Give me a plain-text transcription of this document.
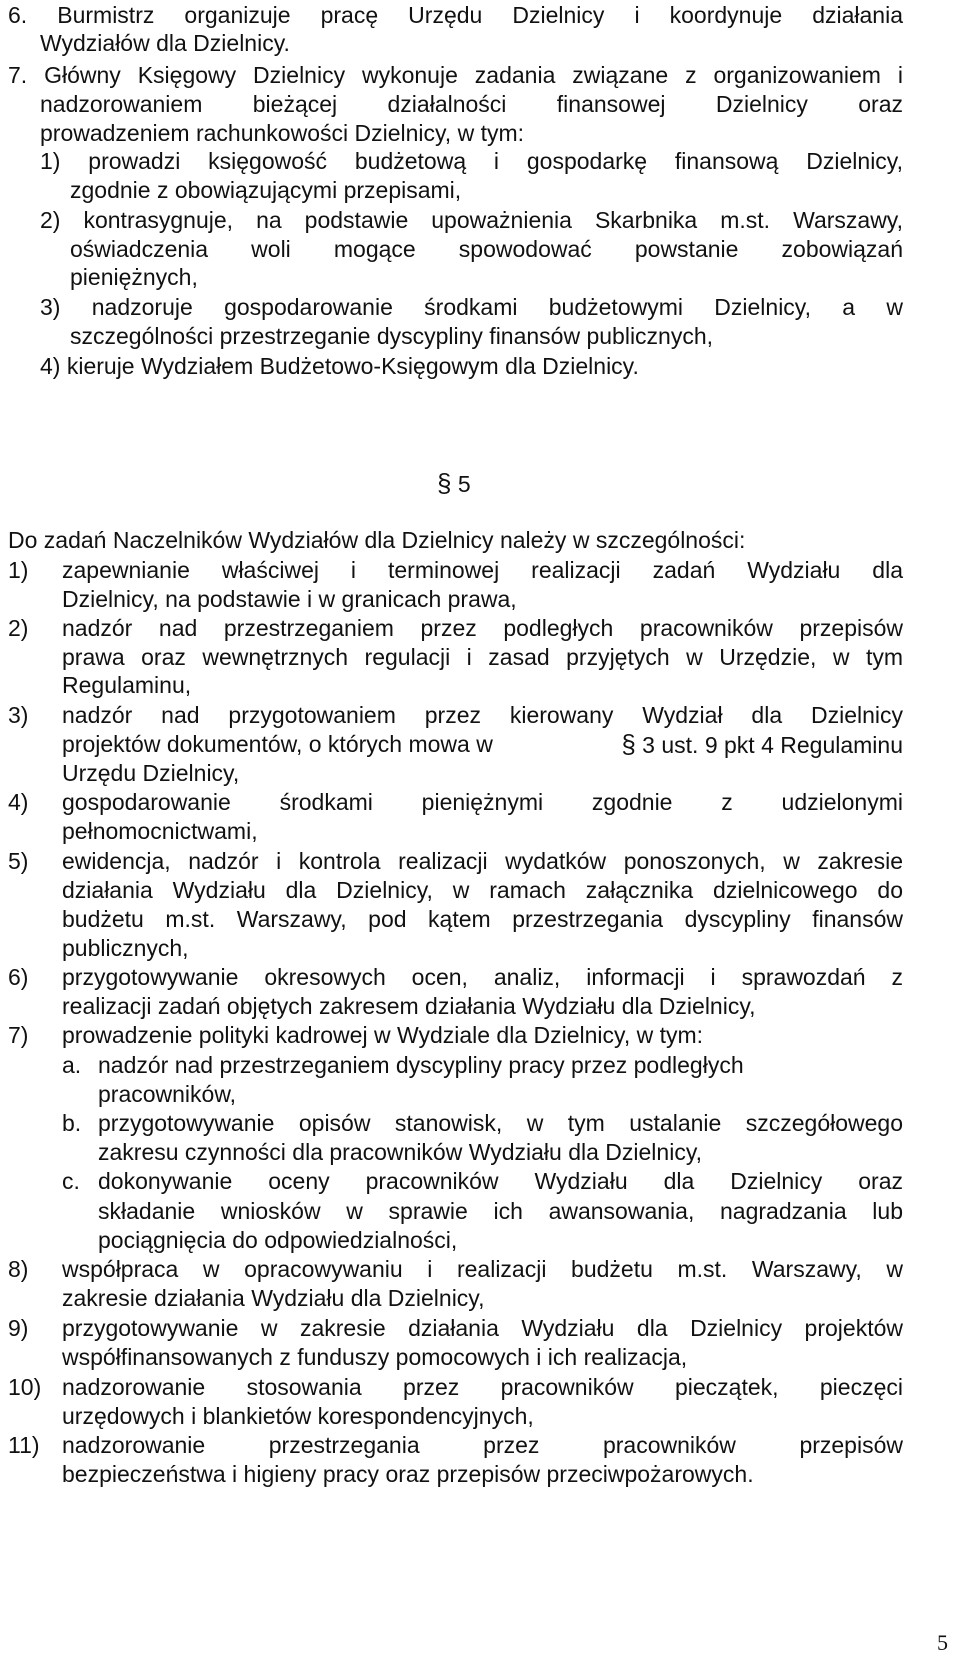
6. Burmistrz organizuje pracę Urzędu Dzielnicy i koordynuje działania
Wydziałów dla Dzielnicy.
7. Główny Księgowy Dzielnicy wykonuje zadania związane z organizowaniem i
nadzorowaniem bieżącej działalności finansowej Dzielnicy oraz
prowadzeniem rachunkowości Dzielnicy, w tym:
1) prowadzi księgowość budżetową i gospodarkę finansową Dzielnicy,
zgodnie z obowiązującymi przepisami,
2) kontrasygnuje, na podstawie upoważnienia Skarbnika m.st. Warszawy,
oświadczenia woli mogące spowodować powstanie zobowiązań
pieniężnych,
3) nadzoruje gospodarowanie środkami budżetowymi Dzielnicy, a w
szczególności przestrzeganie dyscypliny finansów publicznych,
4) kieruje Wydziałem Budżetowo-Księgowym dla Dzielnicy.
§ 5
Do zadań Naczelników Wydziałów dla Dzielnicy należy w szczególności:
1) zapewnianie właściwej i terminowej realizacji zadań Wydziału dla
Dzielnicy, na podstawie i w granicach prawa,
2) nadzór nad przestrzeganiem przez podległych pracowników przepisów
prawa oraz wewnętrznych regulacji i zasad przyjętych w Urzędzie, w tym
Regulaminu,
3) nadzór nad przygotowaniem przez kierowany Wydział dla Dzielnicy
projektów dokumentów, o których mowa w	§ 3 ust. 9 pkt 4 Regulaminu
Urzędu Dzielnicy,
4) gospodarowanie środkami pieniężnymi zgodnie z udzielonymi
pełnomocnictwami,
5) ewidencja, nadzór i kontrola realizacji wydatków ponoszonych, w zakresie
działania Wydziału dla Dzielnicy, w ramach załącznika dzielnicowego do
budżetu m.st. Warszawy, pod kątem przestrzegania dyscypliny finansów
publicznych,
6) przygotowywanie okresowych ocen, analiz, informacji i sprawozdań z
realizacji zadań objętych zakresem działania Wydziału dla Dzielnicy,
7) prowadzenie polityki kadrowej w Wydziale dla Dzielnicy, w tym:
a. nadzór nad przestrzeganiem dyscypliny pracy przez podległych
pracowników,
b. przygotowywanie opisów stanowisk, w tym ustalanie szczegółowego
zakresu czynności dla pracowników Wydziału dla Dzielnicy,
c. dokonywanie oceny pracowników Wydziału dla Dzielnicy oraz
składanie wniosków w sprawie ich awansowania, nagradzania lub
pociągnięcia do odpowiedzialności,
8) współpraca w opracowywaniu i realizacji budżetu m.st. Warszawy, w
zakresie działania Wydziału dla Dzielnicy,
9) przygotowywanie w zakresie działania Wydziału dla Dzielnicy projektów
współfinansowanych z funduszy pomocowych i ich realizacja,
10) nadzorowanie stosowania przez pracowników pieczątek, pieczęci
urzędowych i blankietów korespondencyjnych,
11) nadzorowanie przestrzegania przez pracowników przepisów
bezpieczeństwa i higieny pracy oraz przepisów przeciwpożarowych.
5
